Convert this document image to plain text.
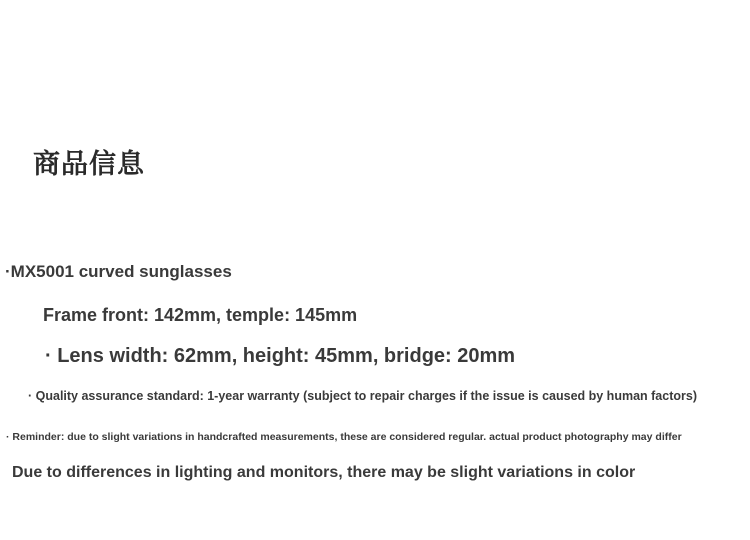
商品信息
·MX5001 curved sunglasses
Frame front: 142mm, temple: 145mm
· Lens width: 62mm, height: 45mm, bridge: 20mm
· Quality assurance standard: 1-year warranty (subject to repair charges if the issue is caused by human factors)
· Reminder: due to slight variations in handcrafted measurements, these are considered regular. actual product photography may differ
Due to differences in lighting and monitors, there may be slight variations in color
